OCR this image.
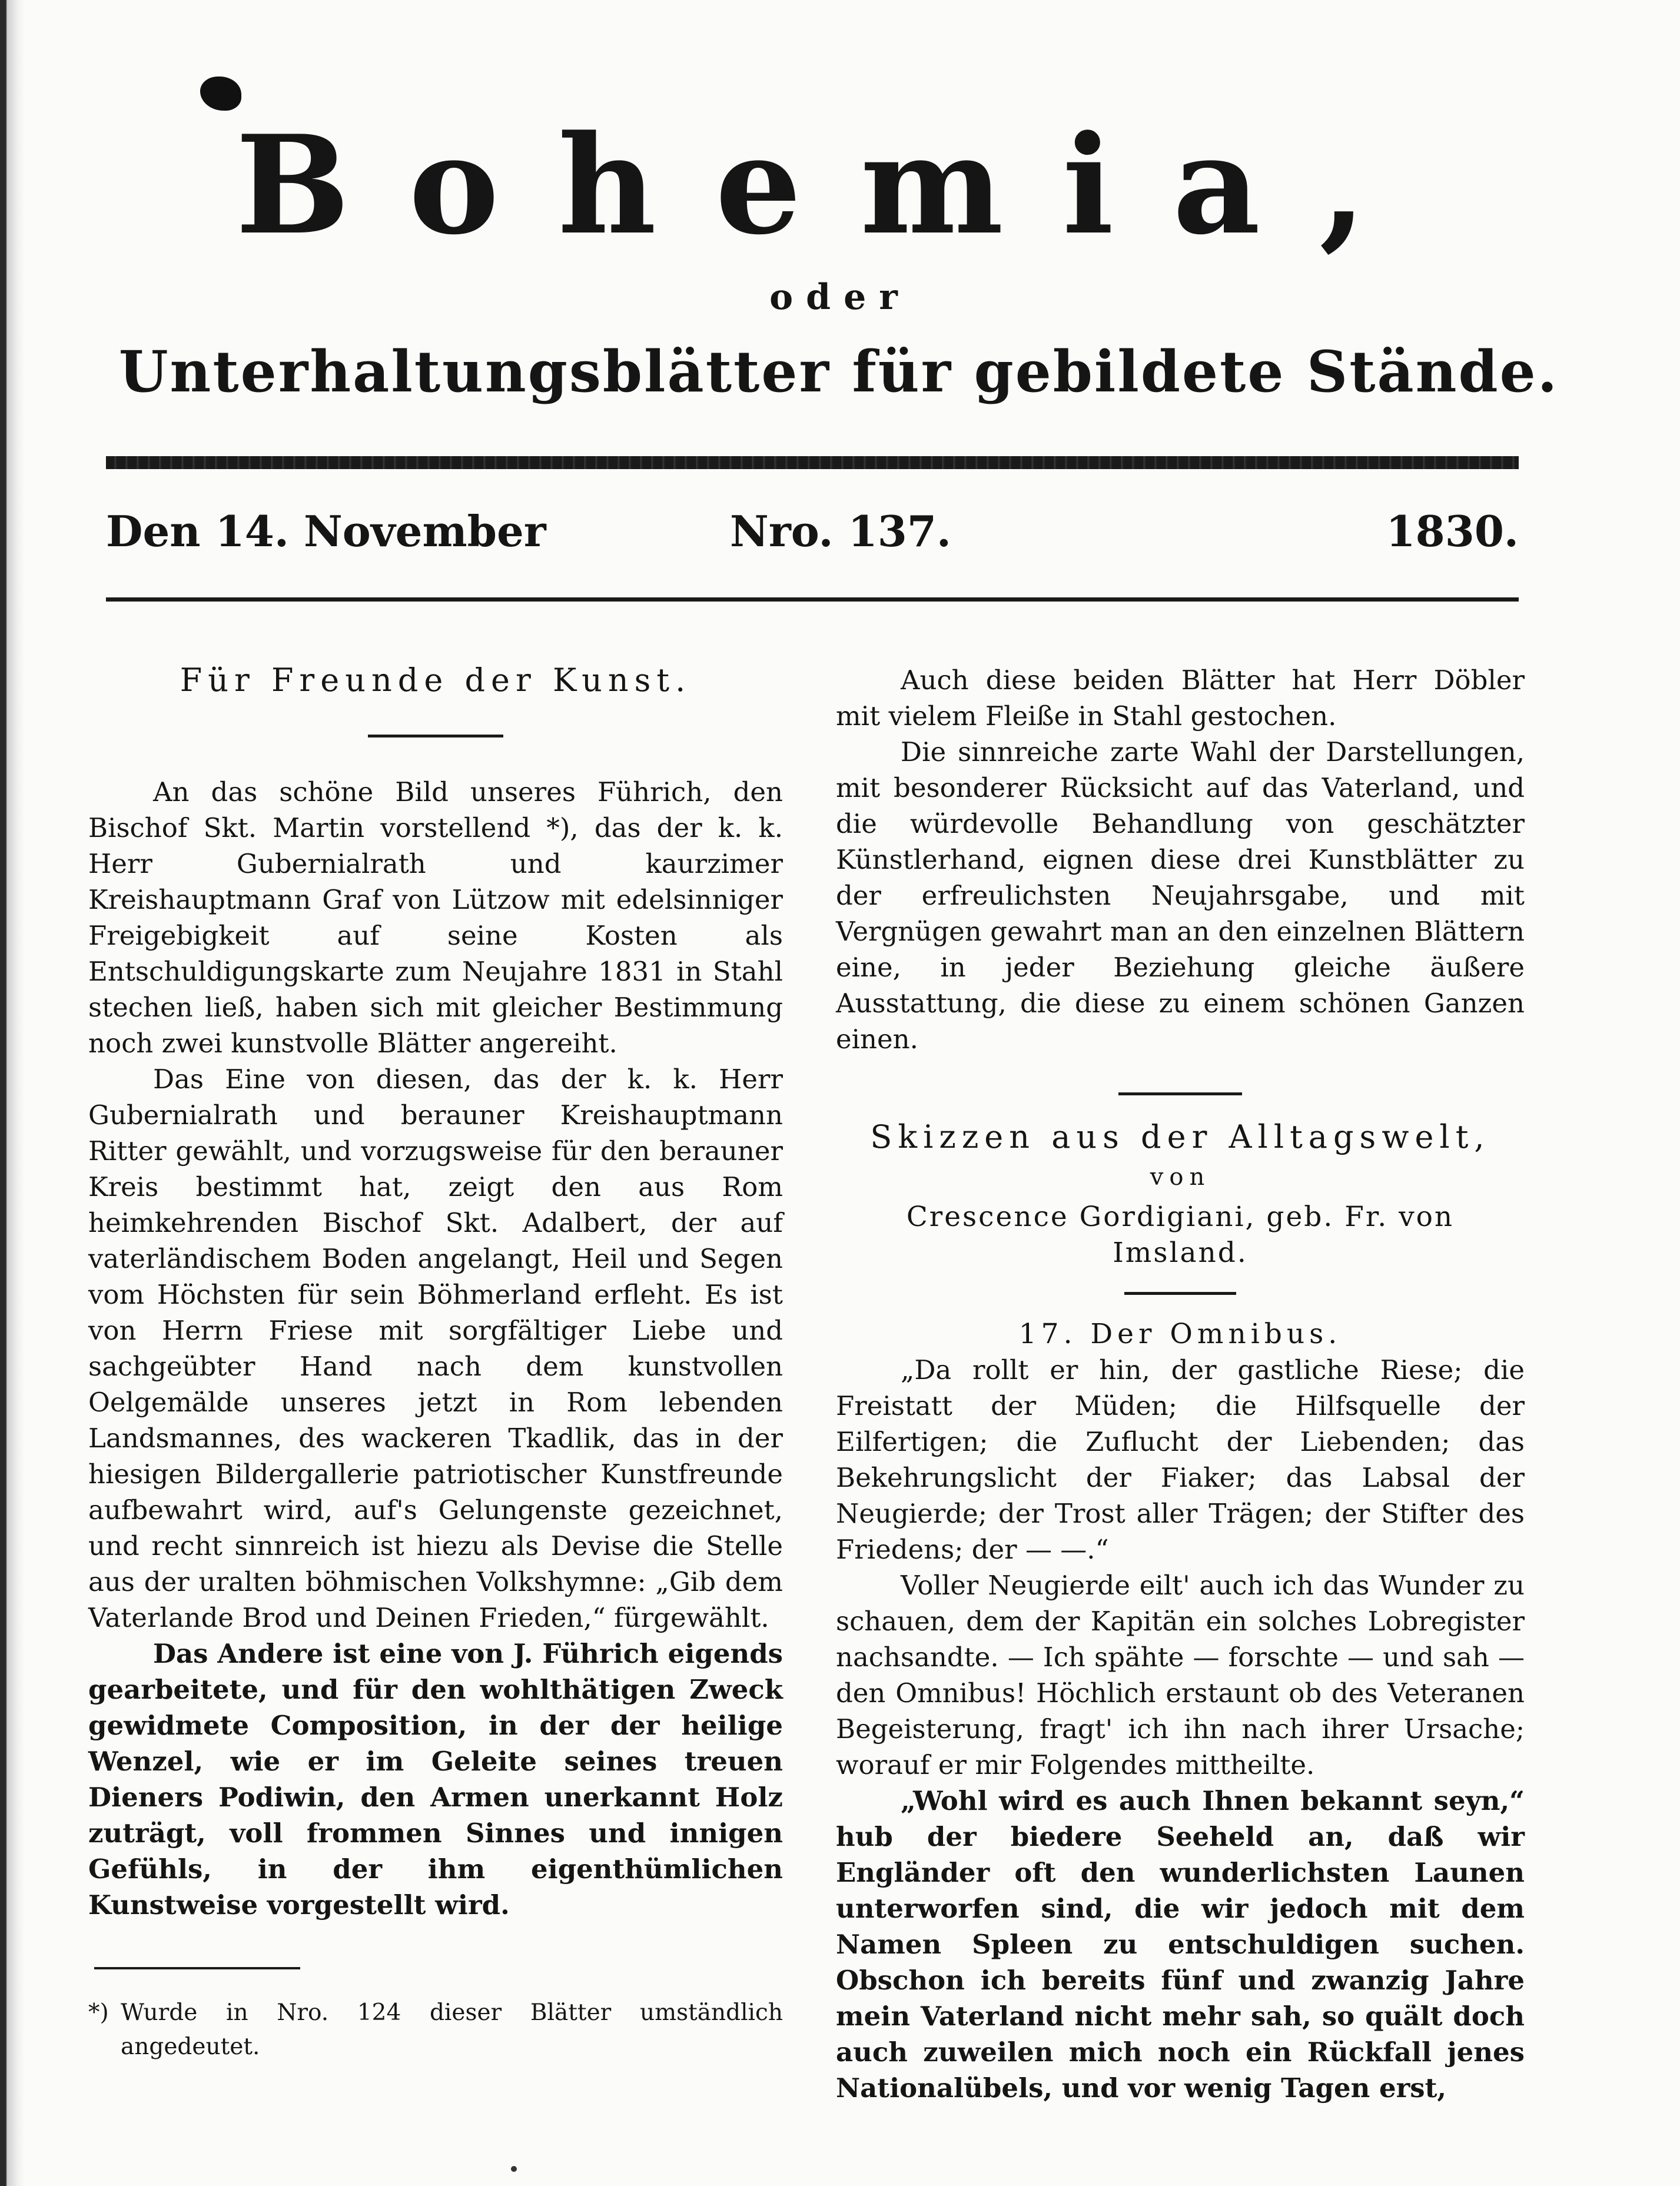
Bohemia,
oder
Unterhaltungsblätter für gebildete Stände.
Den 14. November	Nro. 137.	1830.

Für Freunde der Kunst.

An das schöne Bild unseres Führich, den Bischof Skt. Martin vorstellend *), das der k. k. Herr Gubernialrath und kaurzimer Kreishauptmann Graf von Lützow mit edelsinniger Freigebigkeit auf seine Kosten als Entschuldigungskarte zum Neujahre 1831 in Stahl stechen ließ, haben sich mit gleicher Bestimmung noch zwei kunstvolle Blätter angereiht.

Das Eine von diesen, das der k. k. Herr Gubernialrath und berauner Kreishauptmann Ritter gewählt, und vorzugsweise für den berauner Kreis bestimmt hat, zeigt den aus Rom heimkehrenden Bischof Skt. Adalbert, der auf vaterländischem Boden angelangt, Heil und Segen vom Höchsten für sein Böhmerland erfleht. Es ist von Herrn Friese mit sorgfältiger Liebe und sachgeübter Hand nach dem kunstvollen Oelgemälde unseres jetzt in Rom lebenden Landsmannes, des wackeren Tkadlik, das in der hiesigen Bildergallerie patriotischer Kunstfreunde aufbewahrt wird, auf's Gelungenste gezeichnet, und recht sinnreich ist hiezu als Devise die Stelle aus der uralten böhmischen Volkshymne: „Gib dem Vaterlande Brod und Deinen Frieden,“ fürgewählt.

Das Andere ist eine von J. Führich eigends gearbeitete, und für den wohlthätigen Zweck gewidmete Composition, in der der heilige Wenzel, wie er im Geleite seines treuen Dieners Podiwin, den Armen unerkannt Holz zuträgt, voll frommen Sinnes und innigen Gefühls, in der ihm eigenthümlichen Kunstweise vorgestellt wird.

*) Wurde in Nro. 124 dieser Blätter umständlich angedeutet.

Auch diese beiden Blätter hat Herr Döbler mit vielem Fleiße in Stahl gestochen.

Die sinnreiche zarte Wahl der Darstellungen, mit besonderer Rücksicht auf das Vaterland, und die würdevolle Behandlung von geschätzter Künstlerhand, eignen diese drei Kunstblätter zu der erfreulichsten Neujahrsgabe, und mit Vergnügen gewahrt man an den einzelnen Blättern eine, in jeder Beziehung gleiche äußere Ausstattung, die diese zu einem schönen Ganzen einen.

Skizzen aus der Alltagswelt,

von

Crescence Gordigiani, geb. Fr. von Imsland.

17. Der Omnibus.

„Da rollt er hin, der gastliche Riese; die Freistatt der Müden; die Hilfsquelle der Eilfertigen; die Zuflucht der Liebenden; das Bekehrungslicht der Fiaker; das Labsal der Neugierde; der Trost aller Trägen; der Stifter des Friedens; der — —.“

Voller Neugierde eilt' auch ich das Wunder zu schauen, dem der Kapitän ein solches Lobregister nachsandte. — Ich spähte — forschte — und sah — den Omnibus! Höchlich erstaunt ob des Veteranen Begeisterung, fragt' ich ihn nach ihrer Ursache; worauf er mir Folgendes mittheilte.

„Wohl wird es auch Ihnen bekannt seyn,“ hub der biedere Seeheld an, daß wir Engländer oft den wunderlichsten Launen unterworfen sind, die wir jedoch mit dem Namen Spleen zu entschuldigen suchen. Obschon ich bereits fünf und zwanzig Jahre mein Vaterland nicht mehr sah, so quält doch auch zuweilen mich noch ein Rückfall jenes Nationalübels, und vor wenig Tagen erst,
